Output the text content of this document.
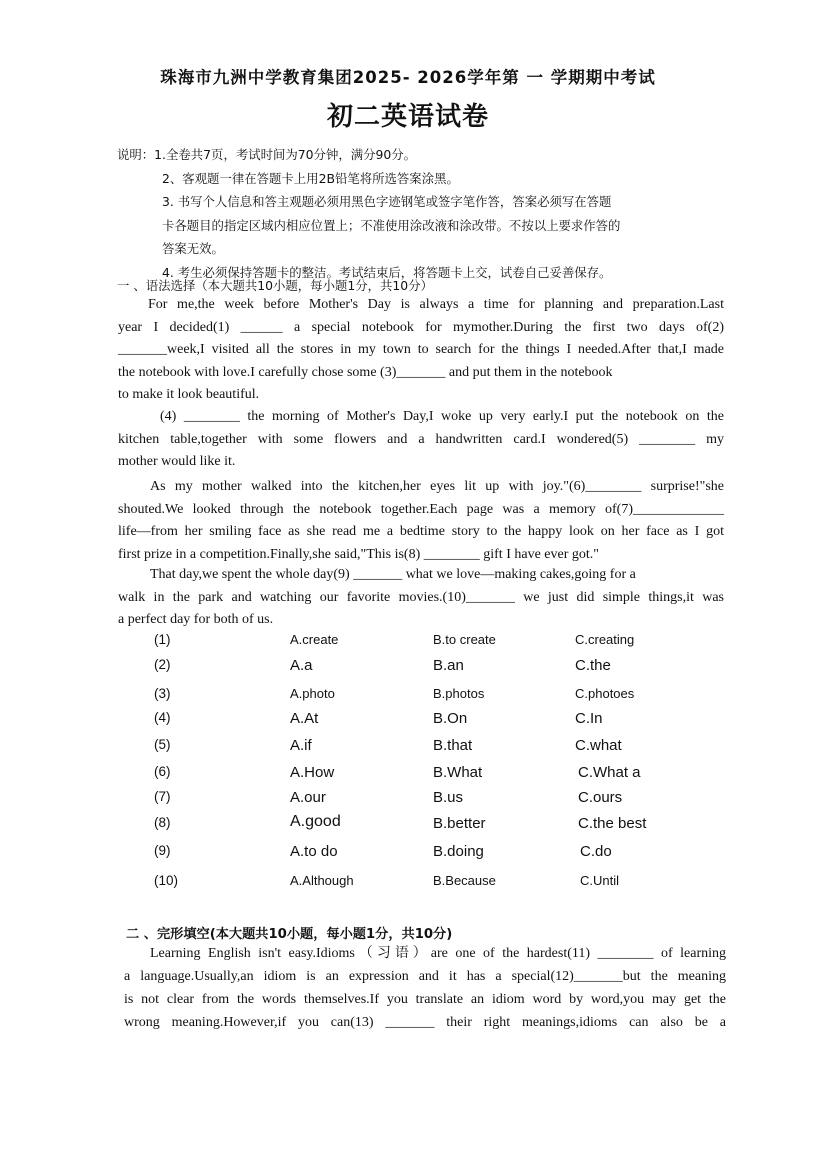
珠海市九洲中学教育集团2025- 2026学年第 一 学期期中考试
初二英语试卷
说明：1.全卷共7页，考试时间为70分钟，满分90分。
2、客观题一律在答题卡上用2B铅笔将所选答案涂黑。
3. 书写个人信息和答主观题必须用黑色字迹钢笔或签字笔作答，答案必须写在答题
卡各题目的指定区域内相应位置上；不准使用涂改液和涂改带。不按以上要求作答的
答案无效。
4. 考生必须保持答题卡的整洁。考试结束后，将答题卡上交，试卷自己妥善保存。
一 、语法选择（本大题共10小题，每小题1分，共10分）
For me,the week before Mother's Day is always a time for planning and preparation.Last
year I decided(1) ______ a special notebook for mymother.During the first two days of(2)
_______week,I visited all the stores in my town to search for the things I needed.After that,I made
the notebook with love.I carefully chose some (3)_______ and put them in the notebook
to make it look beautiful.
(4) ________ the morning of Mother's Day,I woke up very early.I put the notebook on the
kitchen table,together with some flowers and a handwritten card.I wondered(5) ________ my
mother would like it.
As my mother walked into the kitchen,her eyes lit up with joy."(6)________ surprise!"she
shouted.We looked through the notebook together.Each page was a memory of(7)_____________
life—from her smiling face as she read me a bedtime story to the happy look on her face as I got
first prize in a competition.Finally,she said,"This is(8) ________ gift I have ever got."
That day,we spent the whole day(9) _______ what we love—making cakes,going for a
walk in the park and watching our favorite movies.(10)_______ we just did simple things,it was
a perfect day for both of us.
(1)	A.create	B.to create	C.creating
(2)	A.a	B.an	C.the
(3)	A.photo	B.photos	C.photoes
(4)	A.At	B.On	C.In
(5)	A.if	B.that	C.what
(6)	A.How	B.What	C.What a
(7)	A.our	B.us	C.ours
(8)	A.good	B.better	C.the best
(9)	A.to do	B.doing	C.do
(10)	A.Although	B.Because	C.Until
二 、完形填空(本大题共10小题，每小题1分，共10分)
Learning English isn't easy.Idioms（习语）are one of the hardest(11) ________ of learning
a language.Usually,an idiom is an expression and it has a special(12)_______but the meaning
is not clear from the words themselves.If you translate an idiom word by word,you may get the
wrong meaning.However,if you can(13) _______ their right meanings,idioms can also be a
